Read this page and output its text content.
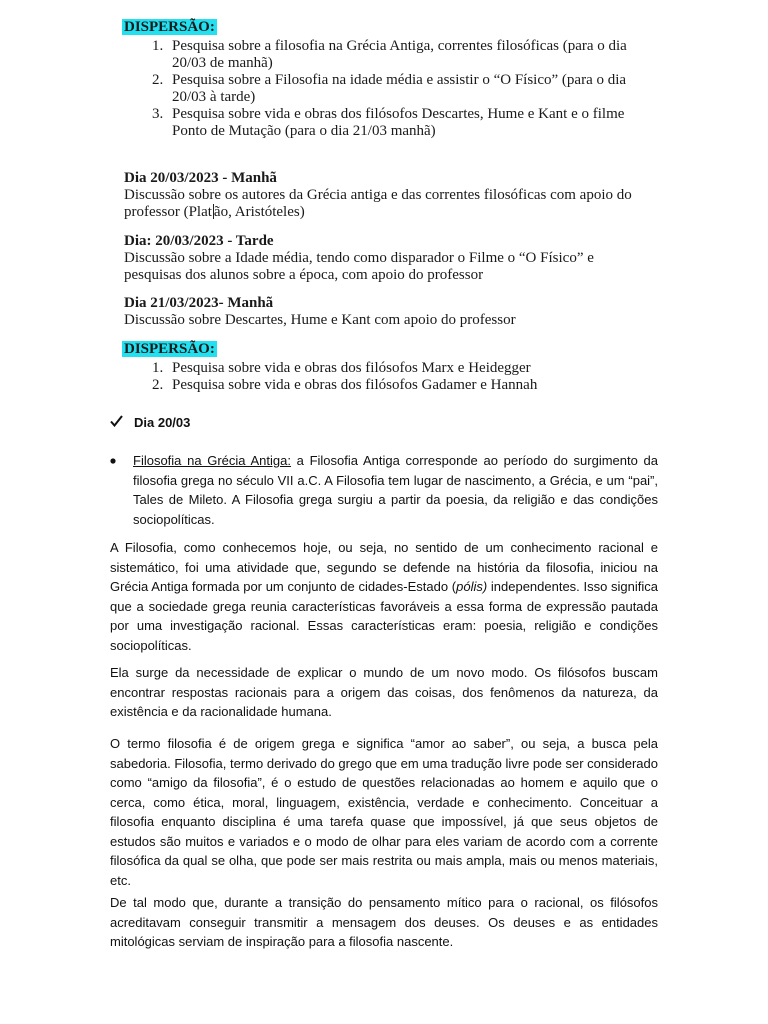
DISPERSÃO:
1. Pesquisa sobre a filosofia na Grécia Antiga, correntes filosóficas (para o dia 20/03 de manhã)
2. Pesquisa sobre a Filosofia na idade média e assistir o “O Físico” (para o dia 20/03 à tarde)
3. Pesquisa sobre vida e obras dos filósofos Descartes, Hume e Kant e o filme Ponto de Mutação (para o dia 21/03 manhã)
Dia 20/03/2023 - Manhã
Discussão sobre os autores da Grécia antiga e das correntes filosóficas com apoio do professor (Plat ão, Aristóteles)
Dia: 20/03/2023 - Tarde
Discussão sobre a Idade média, tendo como disparador o Filme o “O Físico” e pesquisas dos alunos sobre a época, com apoio do professor
Dia 21/03/2023- Manhã
Discussão sobre Descartes, Hume e Kant com apoio do professor
DISPERSÃO:
1. Pesquisa sobre vida e obras dos filósofos Marx e Heidegger
2. Pesquisa sobre vida e obras dos filósofos Gadamer e Hannah
Dia 20/03
Filosofia na Grécia Antiga: a Filosofia Antiga corresponde ao período do surgimento da filosofia grega no século VII a.C. A Filosofia tem lugar de nascimento, a Grécia, e um “pai”, Tales de Mileto. A Filosofia grega surgiu a partir da poesia, da religião e das condições sociopolíticas.

A Filosofia, como conhecemos hoje, ou seja, no sentido de um conhecimento racional e sistemático, foi uma atividade que, segundo se defende na história da filosofia, iniciou na Grécia Antiga formada por um conjunto de cidades-Estado (pólis) independentes. Isso significa que a sociedade grega reunia características favoráveis a essa forma de expressão pautada por uma investigação racional. Essas características eram: poesia, religião e condições sociopolíticas.

Ela surge da necessidade de explicar o mundo de um novo modo. Os filósofos buscam encontrar respostas racionais para a origem das coisas, dos fenômenos da natureza, da existência e da racionalidade humana.

O termo filosofia é de origem grega e significa “amor ao saber”, ou seja, a busca pela sabedoria. Filosofia, termo derivado do grego que em uma tradução livre pode ser considerado como “amigo da filosofia”, é o estudo de questões relacionadas ao homem e aquilo que o cerca, como ética, moral, linguagem, existência, verdade e conhecimento. Conceituar a filosofia enquanto disciplina é uma tarefa quase que impossível, já que seus objetos de estudos são muitos e variados e o modo de olhar para eles variam de acordo com a corrente filosófica da qual se olha, que pode ser mais restrita ou mais ampla, mais ou menos materiais, etc.

De tal modo que, durante a transição do pensamento mítico para o racional, os filósofos acreditavam conseguir transmitir a mensagem dos deuses. Os deuses e as entidades mitológicas serviam de inspiração para a filosofia nascente.
